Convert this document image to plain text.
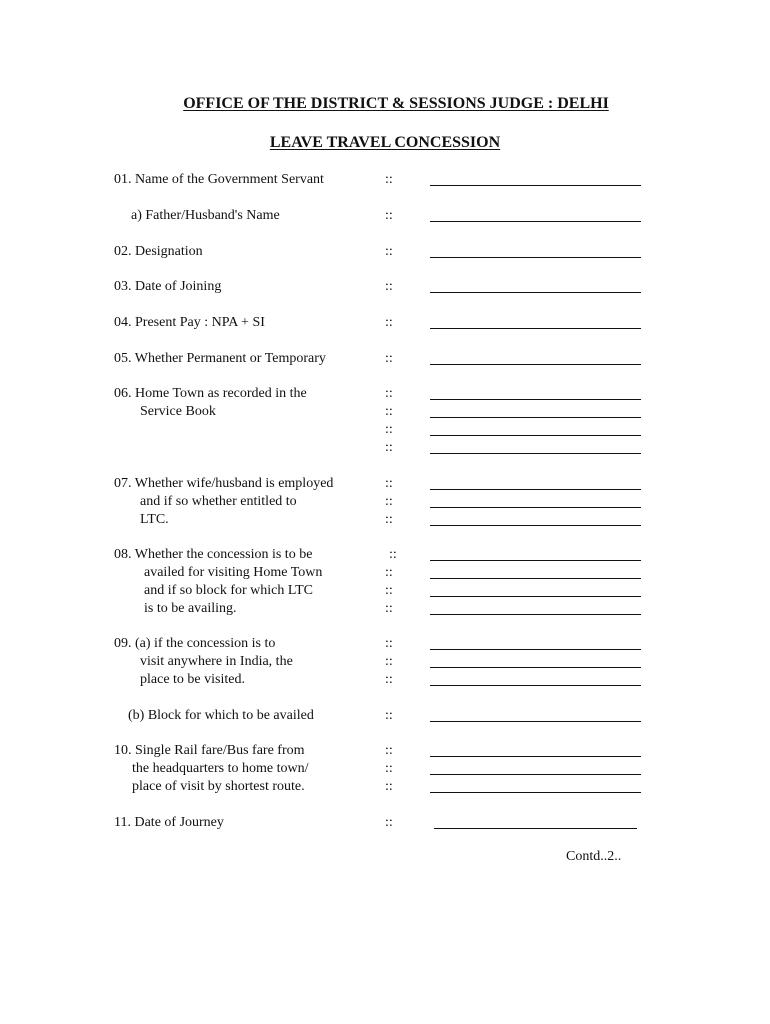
OFFICE OF THE DISTRICT & SESSIONS JUDGE : DELHI
LEAVE TRAVEL CONCESSION
01. Name of the Government Servant	::
a) Father/Husband's Name	::
02. Designation	::
03. Date of Joining	::
04. Present Pay : NPA + SI	::
05. Whether Permanent or Temporary	::
06. Home Town as recorded in the	::
Service Book	::
::
::
07. Whether wife/husband is employed	::
and if so whether entitled to	::
LTC.	::
08. Whether the concession is to be	::
availed for visiting Home Town	::
and if so block for which LTC	::
is to be availing.	::
09. (a) if the concession is to	::
visit anywhere in India, the	::
place to be visited.	::
(b) Block for which to be availed	::
10. Single Rail fare/Bus fare from	::
the headquarters to home town/	::
place of visit by shortest route.	::
11. Date of Journey	::
Contd..2..
